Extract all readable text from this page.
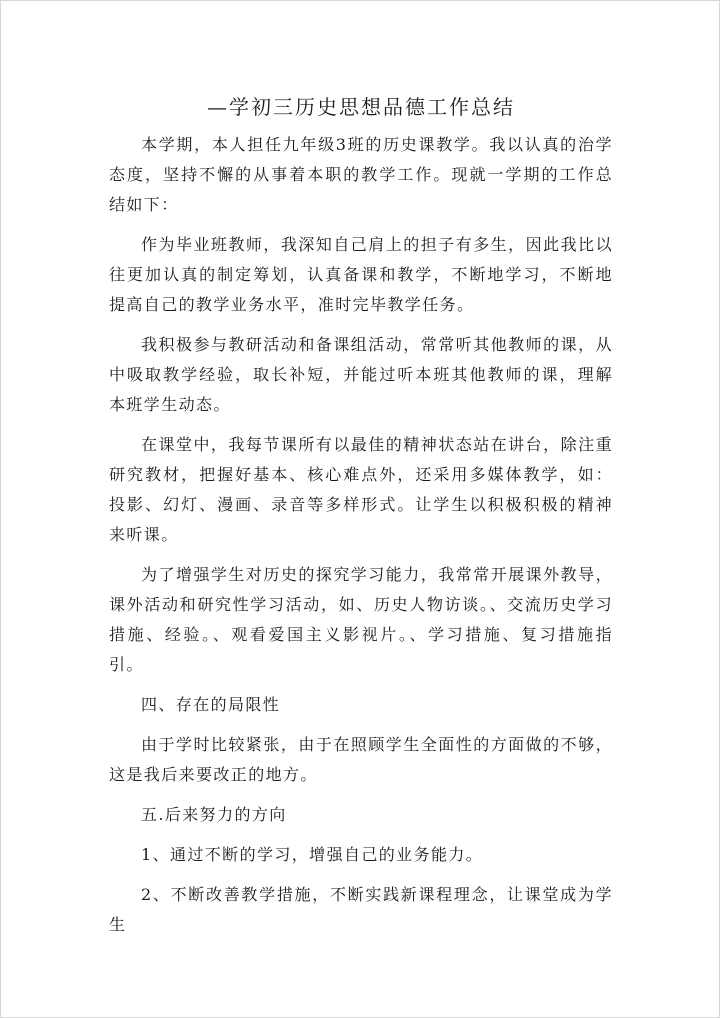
—学初三历史思想品德工作总结

本学期，本人担任九年级3班的历史课教学。我以认真的治学态度，坚持不懈的从事着本职的教学工作。现就一学期的工作总结如下：

作为毕业班教师，我深知自己肩上的担子有多生，因此我比以往更加认真的制定筹划，认真备课和教学，不断地学习，不断地提高自己的教学业务水平，准时完毕教学任务。

我积极参与教研活动和备课组活动，常常听其他教师的课，从中吸取教学经验，取长补短，并能过听本班其他教师的课，理解本班学生动态。

在课堂中，我每节课所有以最佳的精神状态站在讲台，除注重研究教材，把握好基本、核心难点外，还采用多媒体教学，如：投影、幻灯、漫画、录音等多样形式。让学生以积极积极的精神来听课。

为了增强学生对历史的探究学习能力，我常常开展课外教导，课外活动和研究性学习活动，如、历史人物访谈。、交流历史学习措施、经验。、观看爱国主义影视片。、学习措施、复习措施指引。

四、存在的局限性

由于学时比较紧张，由于在照顾学生全面性的方面做的不够，这是我后来要改正的地方。

五.后来努力的方向

1、通过不断的学习，增强自己的业务能力。

2、不断改善教学措施，不断实践新课程理念，让课堂成为学生
